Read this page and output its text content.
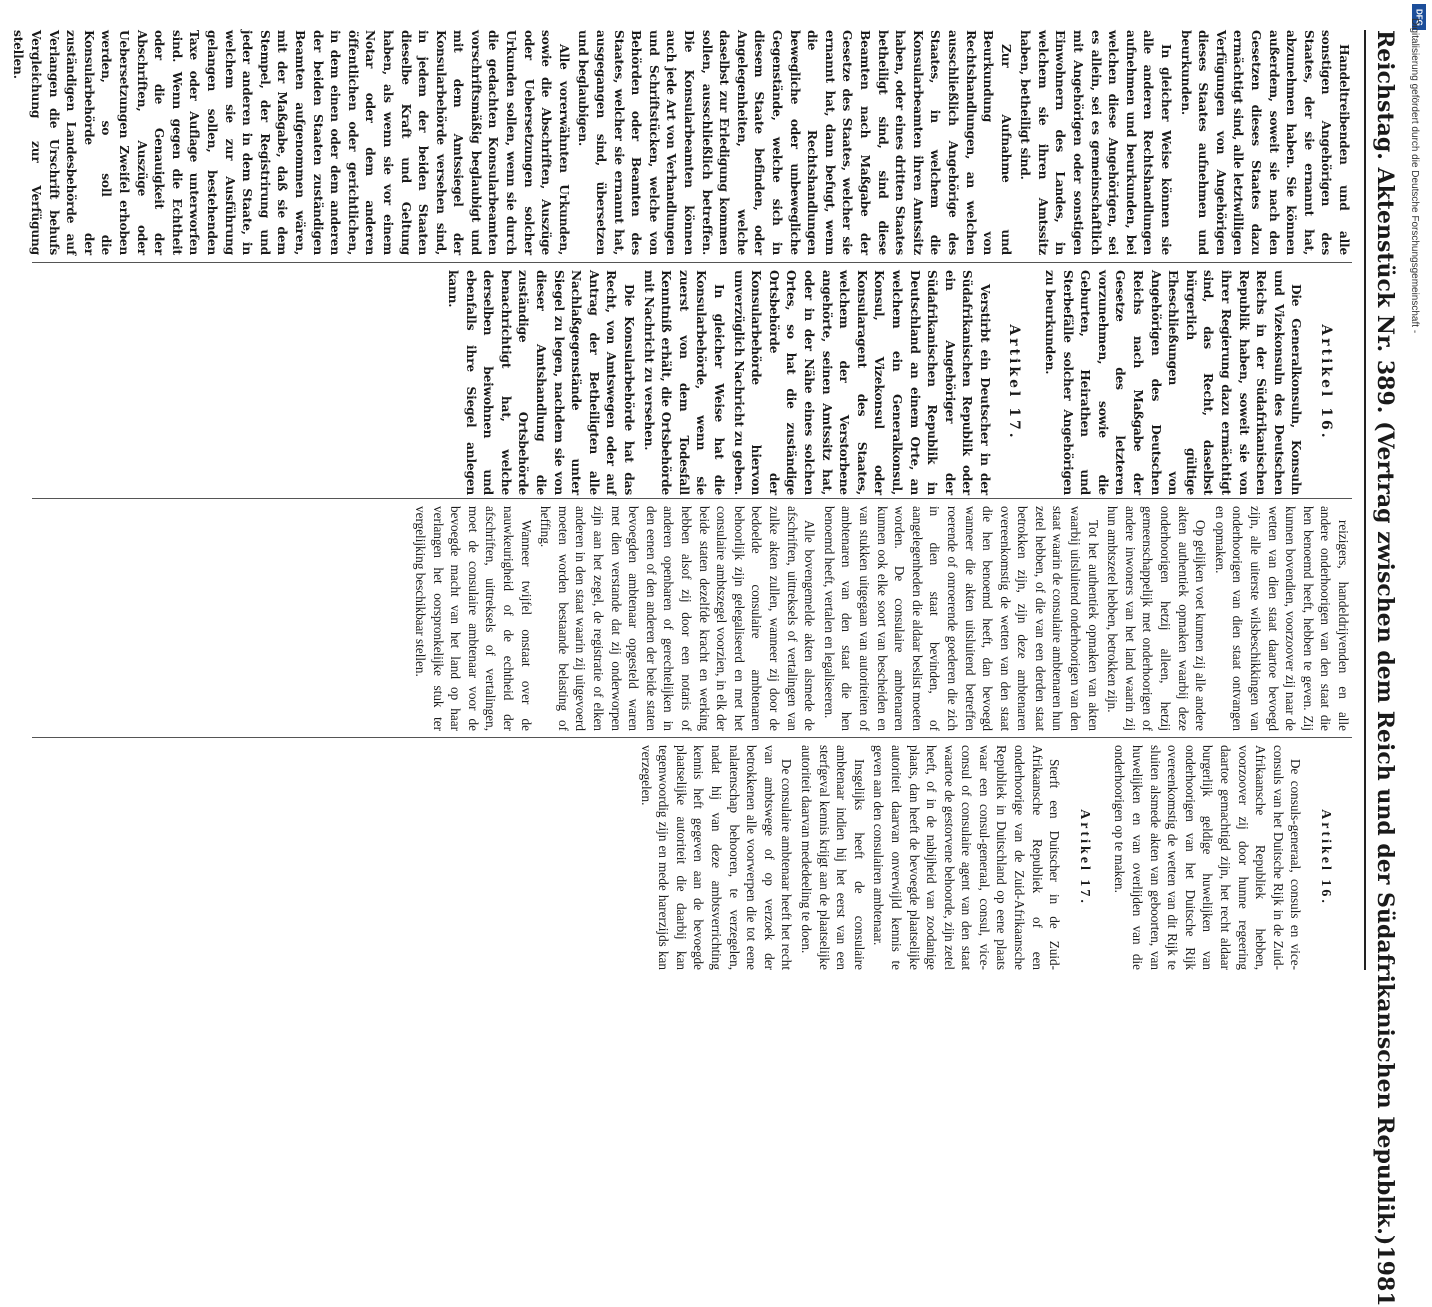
Reichstag. Aktenstück Nr. 389. (Vertrag zwischen dem Reich und der Südafrikanischen Republik.)
1981

Handeltreibenden und alle sonstigen Angehörigen des Staates, der sie ernannt hat, abzunehmen haben. Sie können außerdem, soweit sie nach den Gesetzen dieses Staates dazu ermächtigt sind, alle letztwilligen Verfügungen von Angehörigen dieses Staates aufnehmen und beurkunden.

In gleicher Weise können sie alle anderen Rechtshandlungen aufnehmen und beurkunden, bei welchen diese Angehörigen, sei es allein, sei es gemeinschaftlich mit Angehörigen oder sonstigen Einwohnern des Landes, in welchem sie ihren Amtssitz haben, betheiligt sind.

Zur Aufnahme und Beurkundung von Rechtshandlungen, an welchen ausschließlich Angehörige des Staates, in welchem die Konsularbeamten ihren Amtssitz haben, oder eines dritten Staates betheiligt sind, sind diese Beamten nach Maßgabe der Gesetze des Staates, welcher sie ernannt hat, dann befugt, wenn die Rechtshandlungen bewegliche oder unbewegliche Gegenstände, welche sich in diesem Staate befinden, oder Angelegenheiten, welche daselbst zur Erledigung kommen sollen, ausschließlich betreffen. Die Konsularbeamten können auch jede Art von Verhandlungen und Schriftstücken, welche von Behörden oder Beamten des Staates, welcher sie ernannt hat, ausgegangen sind, übersetzen und beglaubigen.

Alle vorerwähnten Urkunden, sowie die Abschriften, Auszüge oder Uebersetzungen solcher Urkunden sollen, wenn sie durch die gedachten Konsularbeamten vorschriftsmäßig beglaubigt und mit dem Amtssiegel der Konsularbehörde versehen sind, in jedem der beiden Staaten dieselbe Kraft und Geltung haben, als wenn sie vor einem Notar oder dem anderen öffentlichen oder gerichtlichen, in dem einen oder dem anderen der beiden Staaten zuständigen Beamten aufgenommen wären, mit der Maßgabe, daß sie dem Stempel, der Registrirung und jeder anderen in dem Staate, in welchem sie zur Ausführung gelangen sollen, bestehenden Taxe oder Auflage unterworfen sind. Wenn gegen die Echtheit oder die Genauigkeit der Abschriften, Auszüge oder Uebersetzungen Zweifel erhoben werden, so soll die Konsularbehörde der zuständigen Landesbehörde auf Verlangen die Urschrift behufs Vergleichung zur Verfügung stellen.

Artikel 16.

Die Generalkonsuln, Konsuln und Vizekonsuln des Deutschen Reichs in der Südafrikanischen Republik haben, soweit sie von ihrer Regierung dazu ermächtigt sind, das Recht, daselbst bürgerlich gültige Eheschließungen von Angehörigen des Deutschen Reichs nach Maßgabe der Gesetze des letzteren vorzunehmen, sowie die Geburten, Heirathen und Sterbefälle solcher Angehörigen zu beurkunden.

Artikel 17.

Verstirbt ein Deutscher in der Südafrikanischen Republik oder ein Angehöriger der Südafrikanischen Republik in Deutschland an einem Orte, an welchem ein Generalkonsul, Konsul, Vizekonsul oder Konsularagent des Staates, welchem der Verstorbene angehörte, seinen Amtssitz hat, oder in der Nähe eines solchen Ortes, so hat die zuständige Ortsbehörde der Konsularbehörde hiervon unverzüglich Nachricht zu geben.

In gleicher Weise hat die Konsularbehörde, wenn sie zuerst von dem Todesfall Kenntniß erhält, die Ortsbehörde mit Nachricht zu versehen.

Die Konsularbehörde hat das Recht, von Amtswegen oder auf Antrag der Betheiligten alle Nachlaßgegenstände unter Siegel zu legen, nachdem sie von dieser Amtshandlung die zuständige Ortsbehörde benachrichtigt hat, welche derselben beiwohnen und ebenfalls ihre Siegel anlegen kann.

reizigers, handeldrijvenden en alle andere onderhoorigen van den staat die hen benoemd heeft, hebben te geven. Zij kunnen bovendien, voorzoover zij naar de wetten van dien staat daartoe bevoegd zijn, alle uiterste wilsbeschikkingen van onderhoorigen van dien staat ontvangen en opmaken.

Op gelijken voet kunnen zij alle andere akten authentiek opmaken waarbij deze onderhoorigen hetzij alleen, hetzij gemeenschappelijk met onderhoorigen of andere inwoners van het land waarin zij hun ambtszetel hebben, betrokken zijn.

Tot het authentiek opmaken van akten waarbij uitsluitend onderhoorigen van den staat waarin de consulaire ambtenaren hun zetel hebben, of die van een derden staat betrokken zijn, zijn deze ambtenaren overeenkomstig de wetten van den staat die hen benoemd heeft, dan bevoegd wanneer die akten uitsluitend betreffen roerende of onroerende goederen die zich in dien staat bevinden, of aangelegenheden die aldaar beslist moeten worden. De consulaire ambtenaren kunnen ook elke soort van bescheiden en van stukken uitgegaan van autoriteiten of ambtenaren van den staat die hen benoemd heeft, vertalen en legaliseeren.

Alle bovengemelde akten alsmede de afschriften, uittreksels of vertalingen van zulke akten zullen, wanneer zij door de bedoelde consulaire ambtenaren behoorlijk zijn gelegaliseerd en met het consulaire ambtszegel voorzien, in elk der beide staten dezelfde kracht en werking hebben alsof zij door een notaris of anderen openbaren of gerechtelijken in den eenen of den anderen der beide staten bevoegden ambtenaar opgesteld waren met dien verstande dat zij onderworpen zijn aan het zegel, de registratie of elken anderen in den staat waarin zij uitgevoerd moeten worden bestaande belasting of heffing.

Wanneer twijfel onstaat over de nauwkeurigheid of de echtheid der afschriften, uittreksels of vertalingen, moet de consulaire ambtenaar voor de bevoegde macht van het land op haar verlangen het oorspronkelijke stuk ter vergelijking beschikbaar stellen.

Artikel 16.

De consuls-generaal, consuls en vice-consuls van het Duitsche Rijk in de Zuid-Afrikaansche Republiek hebben, voorzoover zij door hunne regeering daartoe gemachtigd zijn, het recht aldaar burgerlijk geldige huwelijken van onderhoorigen van het Duitsche Rijk overeenkomstig de wetten van dit Rijk te sluiten alsmede akten van geboorten, van huwelijken en van overlijden van die onderhoorigen op te maken.

Artikel 17.

Sterft een Duitscher in de Zuid-Afrikaansche Republiek of een onderhoorige van de Zuid-Afrikaansche Republiek in Duitschland op eene plaats waar een consul-generaal, consul, vice-consul of consulaire agent van den staat waartoe de gestorvene behoorde, zijn zetel heeft, of in de nabijheid van zoodanige plaats, dan heeft de bevoegde plaatselijke autoriteit daarvan onverwijld kennis te geven aan den consulairen ambtenaar.

Insgelijks heeft de consulaire ambtenaar indien hij het eerst van een sterfgeval kennis krijgt aan de plaatselijke autoriteit daarvan mededeeling te doen.

De consulaire ambtenaar heeft het recht van ambtswege of op verzoek der betrokkenen alle voorwerpen die tot eene nalatenschap behooren, te verzegelen, nadat hij van deze ambtsverrichting kennis heft gegeven aan de bevoegde plaatselijke autoriteit die daarbij kan tegenwoordig zijn en mede harerzijds kan verzegelen.

DFG
Digitalisierung gefördert durch die Deutsche Forschungsgemeinschaft -
